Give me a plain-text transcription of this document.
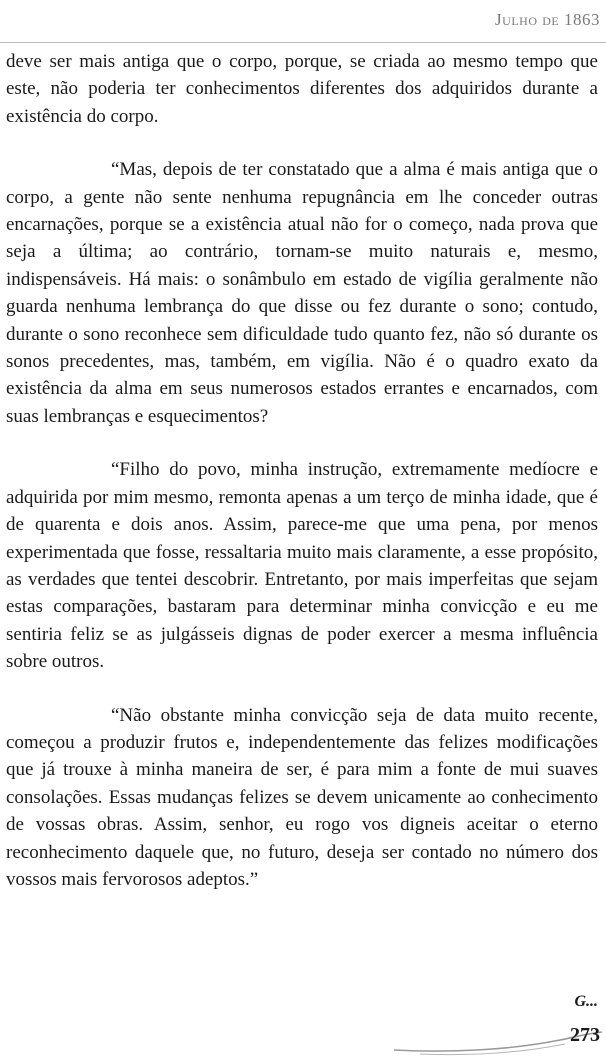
Julho de 1863

deve ser mais antiga que o corpo, porque, se criada ao mesmo tempo que este, não poderia ter conhecimentos diferentes dos adquiridos durante a existência do corpo.

“Mas, depois de ter constatado que a alma é mais antiga que o corpo, a gente não sente nenhuma repugnância em lhe conceder outras encarnações, porque se a existência atual não for o começo, nada prova que seja a última; ao contrário, tornam-se muito naturais e, mesmo, indispensáveis. Há mais: o sonâmbulo em estado de vigília geralmente não guarda nenhuma lembrança do que disse ou fez durante o sono; contudo, durante o sono reconhece sem dificuldade tudo quanto fez, não só durante os sonos precedentes, mas, também, em vigília. Não é o quadro exato da existência da alma em seus numerosos estados errantes e encarnados, com suas lembranças e esquecimentos?

“Filho do povo, minha instrução, extremamente medíocre e adquirida por mim mesmo, remonta apenas a um terço de minha idade, que é de quarenta e dois anos. Assim, parece-me que uma pena, por menos experimentada que fosse, ressaltaria muito mais claramente, a esse propósito, as verdades que tentei descobrir. Entretanto, por mais imperfeitas que sejam estas comparações, bastaram para determinar minha convicção e eu me sentiria feliz se as julgásseis dignas de poder exercer a mesma influência sobre outros.

“Não obstante minha convicção seja de data muito recente, começou a produzir frutos e, independentemente das felizes modificações que já trouxe à minha maneira de ser, é para mim a fonte de mui suaves consolações. Essas mudanças felizes se devem unicamente ao conhecimento de vossas obras. Assim, senhor, eu rogo vos digneis aceitar o eterno reconhecimento daquele que, no futuro, deseja ser contado no número dos vossos mais fervorosos adeptos.”

G...
273
